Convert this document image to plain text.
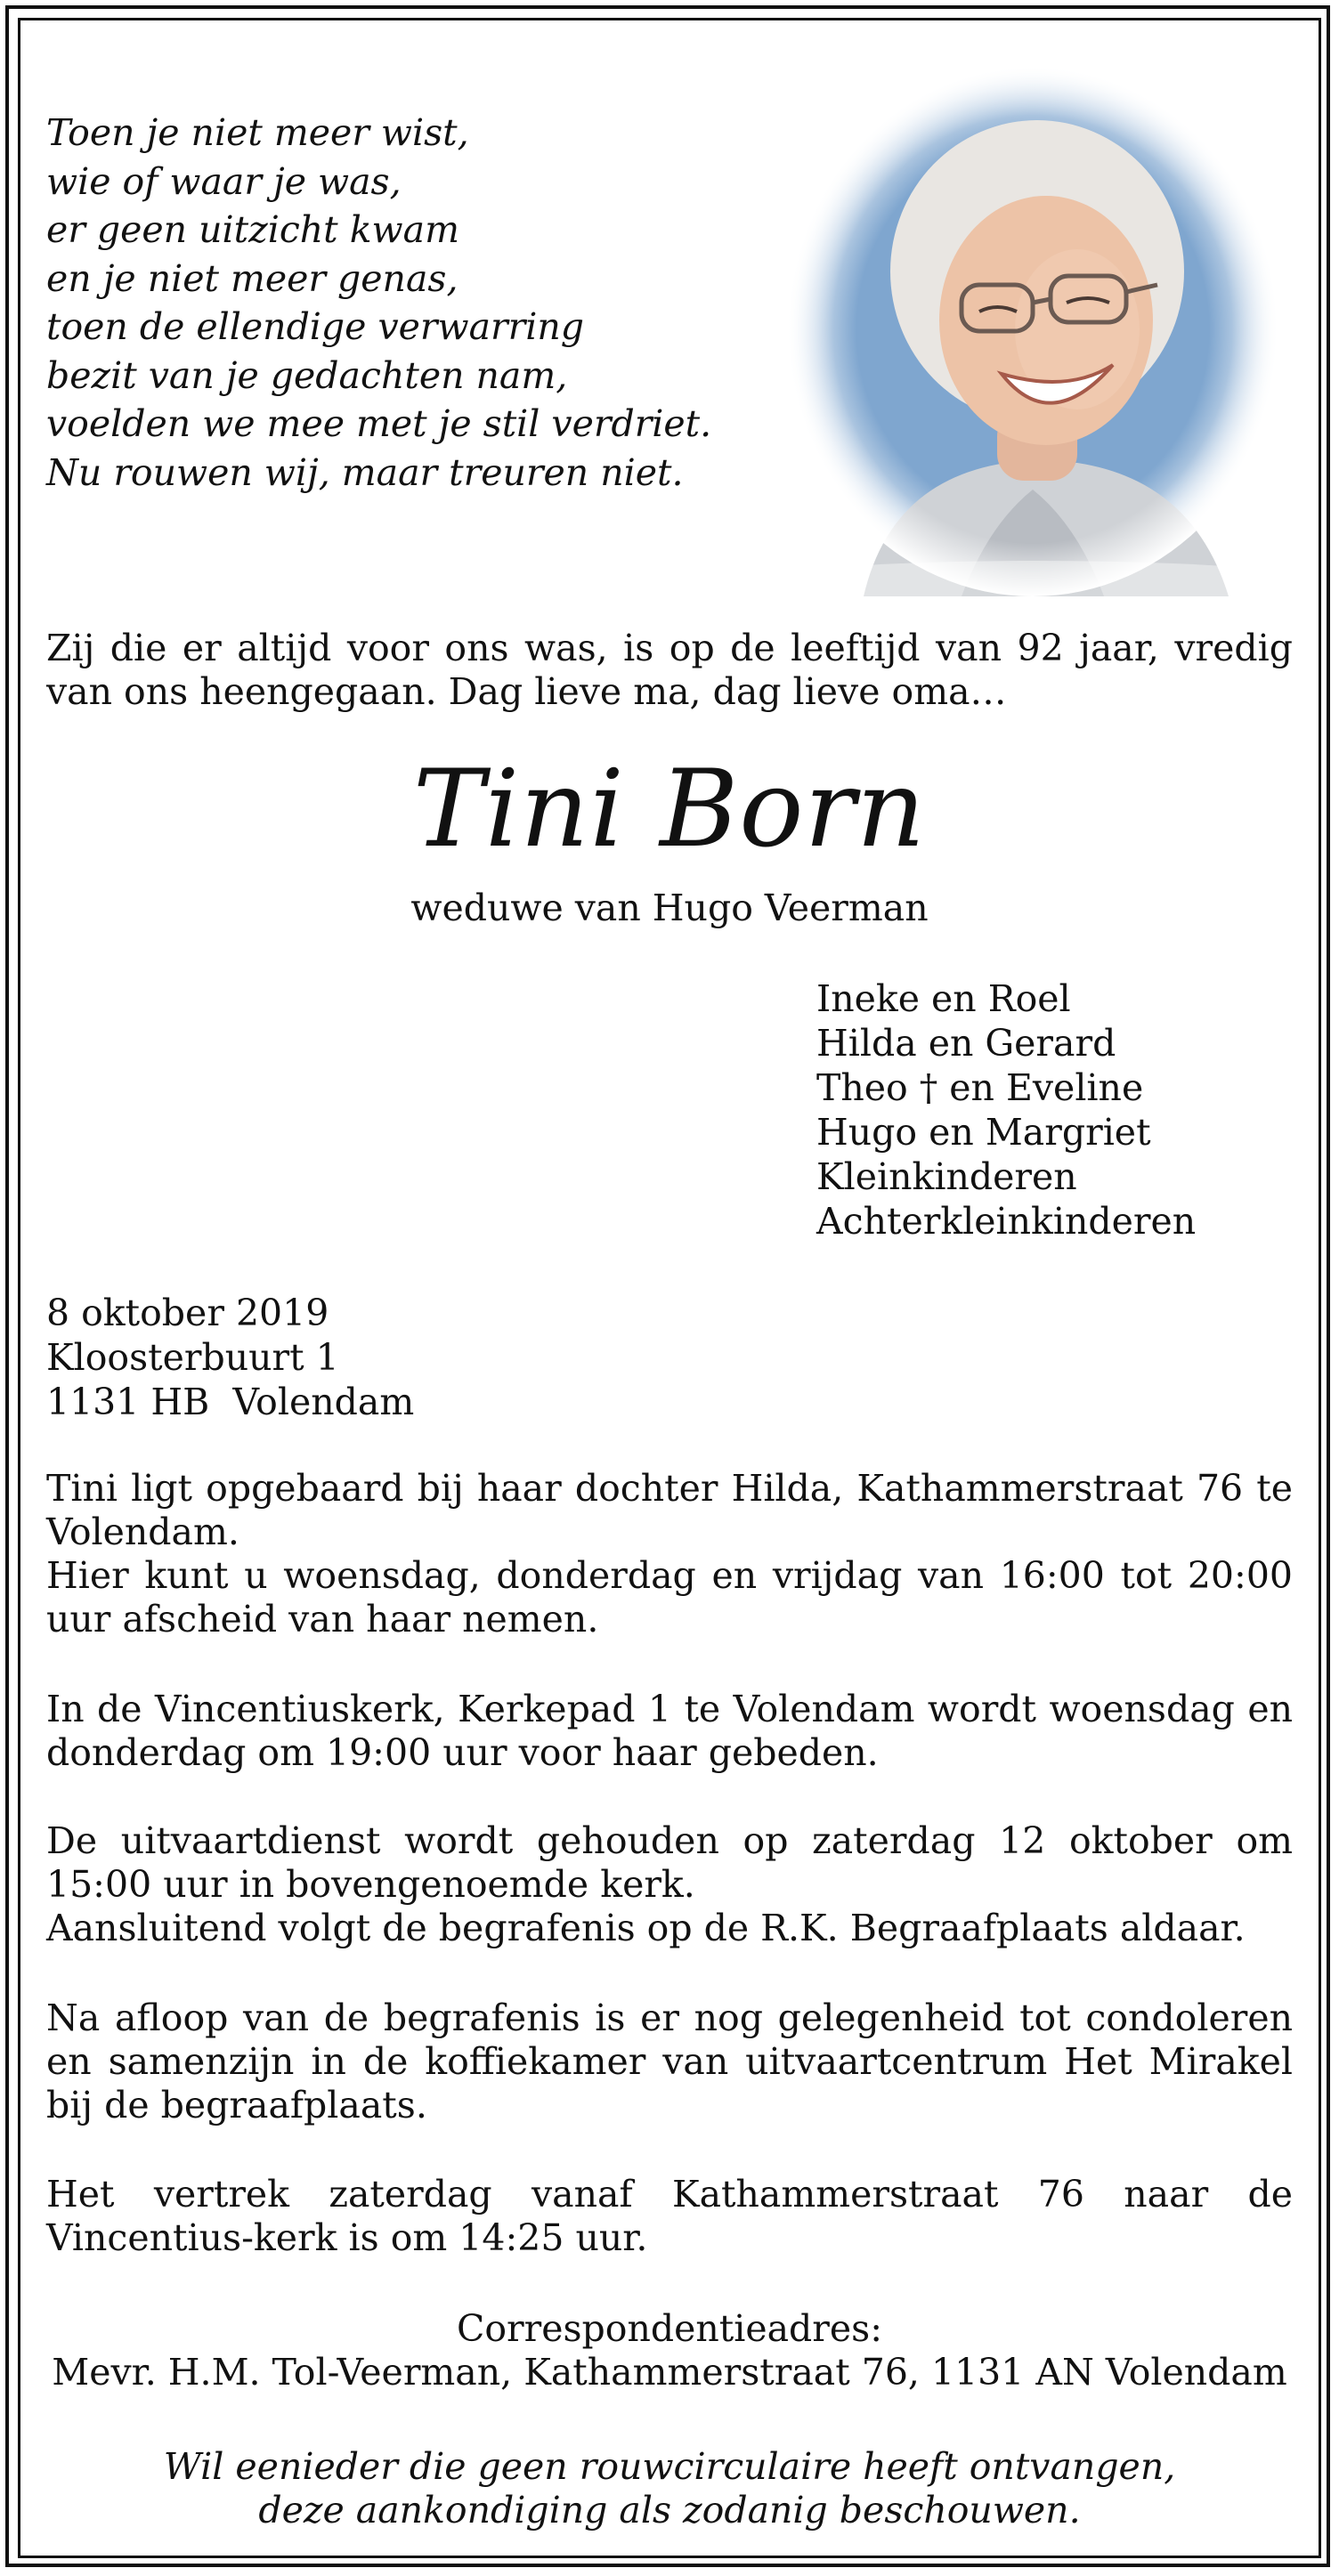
Toen je niet meer wist,
wie of waar je was,
er geen uitzicht kwam
en je niet meer genas,
toen de ellendige verwarring
bezit van je gedachten nam,
voelden we mee met je stil verdriet.
Nu rouwen wij, maar treuren niet.

Zij die er altijd voor ons was, is op de leeftijd van 92 jaar, vredig van ons heengegaan. Dag lieve ma, dag lieve oma…

Tini Born
weduwe van Hugo Veerman
Ineke en Roel
Hilda en Gerard
Theo † en Eveline
Hugo en Margriet
Kleinkinderen
Achterkleinkinderen
8 oktober 2019
Kloosterbuurt 1
1131 HB  Volendam

Tini ligt opgebaard bij haar dochter Hilda, Kathammerstraat 76 te Volendam.

Hier kunt u woensdag, donderdag en vrijdag van 16:00 tot 20:00 uur afscheid van haar nemen.

In de Vincentiuskerk, Kerkepad 1 te Volendam wordt woensdag en donderdag om 19:00 uur voor haar gebeden.

De uitvaartdienst wordt gehouden op zaterdag 12 oktober om 15:00 uur in bovengenoemde kerk.

Aansluitend volgt de begrafenis op de R.K. Begraafplaats aldaar.

Na afloop van de begrafenis is er nog gelegenheid tot condoleren en samenzijn in de koffiekamer van uitvaartcentrum Het Mirakel bij de begraafplaats.

Het vertrek zaterdag vanaf Kathammerstraat 76 naar de Vincentius-kerk is om 14:25 uur.

Correspondentieadres:
Mevr. H.M. Tol-Veerman, Kathammerstraat 76, 1131 AN Volendam
Wil eenieder die geen rouwcirculaire heeft ontvangen,
deze aankondiging als zodanig beschouwen.
